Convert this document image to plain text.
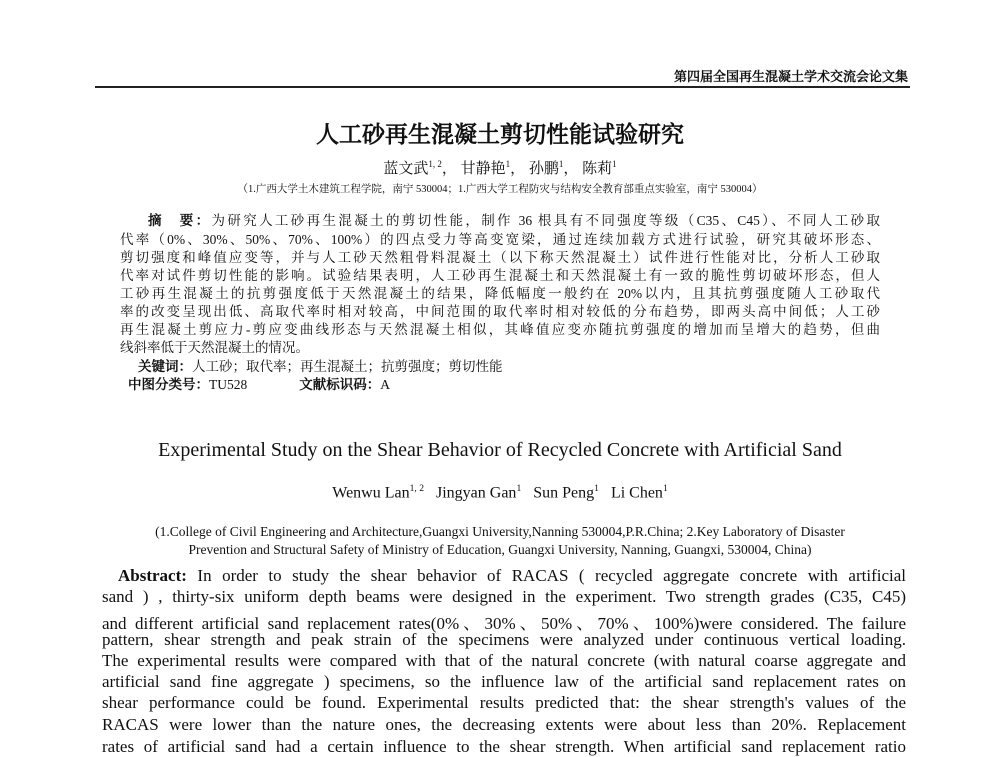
第四届全国再生混凝土学术交流会论文集
人工砂再生混凝土剪切性能试验研究
蓝文武$^{1, 2}$， 甘静艳$^1$， 孙鹏$^1$， 陈莉$^1$
（1.广西大学土木建筑工程学院，南宁 530004；1.广西大学工程防灾与结构安全教育部重点实验室，南宁 530004）
摘　要：为研究人工砂再生混凝土的剪切性能，制作 36 根具有不同强度等级（C35、C45）、不同人工砂取
代率（0%、30%、50%、70%、100%）的四点受力等高变宽梁，通过连续加载方式进行试验，研究其破坏形态、
剪切强度和峰值应变等，并与人工砂天然粗骨料混凝土（以下称天然混凝土）试件进行性能对比，分析人工砂取
代率对试件剪切性能的影响。试验结果表明，人工砂再生混凝土和天然混凝土有一致的脆性剪切破坏形态，但人
工砂再生混凝土的抗剪强度低于天然混凝土的结果，降低幅度一般约在 20%以内，且其抗剪强度随人工砂取代
率的改变呈现出低、高取代率时相对较高，中间范围的取代率时相对较低的分布趋势，即两头高中间低；人工砂
再生混凝土剪应力-剪应变曲线形态与天然混凝土相似，其峰值应变亦随抗剪强度的增加而呈增大的趋势，但曲
线斜率低于天然混凝土的情况。
关键词：人工砂；取代率；再生混凝土；抗剪强度；剪切性能
中图分类号：TU528	文献标识码：A
Experimental Study on the Shear Behavior of Recycled Concrete with Artificial Sand
Wenwu Lan$^{1, 2}$ Jingyan Gan$^1$ Sun Peng$^1$ Li Chen$^1$
(1.College of Civil Engineering and Architecture,Guangxi University,Nanning 530004,P.R.China; 2.Key Laboratory of Disaster
Prevention and Structural Safety of Ministry of Education, Guangxi University, Nanning, Guangxi, 530004, China)
Abstract: In order to study the shear behavior of RACAS ( recycled aggregate concrete with artificial
sand ) , thirty-six uniform depth beams were designed in the experiment. Two strength grades (C35, C45)
and different artificial sand replacement rates(0%、30%、50%、70%、100%)were considered. The failure
pattern, shear strength and peak strain of the specimens were analyzed under continuous vertical loading.
The experimental results were compared with that of the natural concrete (with natural coarse aggregate and
artificial sand fine aggregate ) specimens, so the influence law of the artificial sand replacement rates on
shear performance could be found. Experimental results predicted that: the shear strength's values of the
RACAS were lower than the nature ones, the decreasing extents were about less than 20%. Replacement
rates of artificial sand had a certain influence to the shear strength. When artificial sand replacement ratio
